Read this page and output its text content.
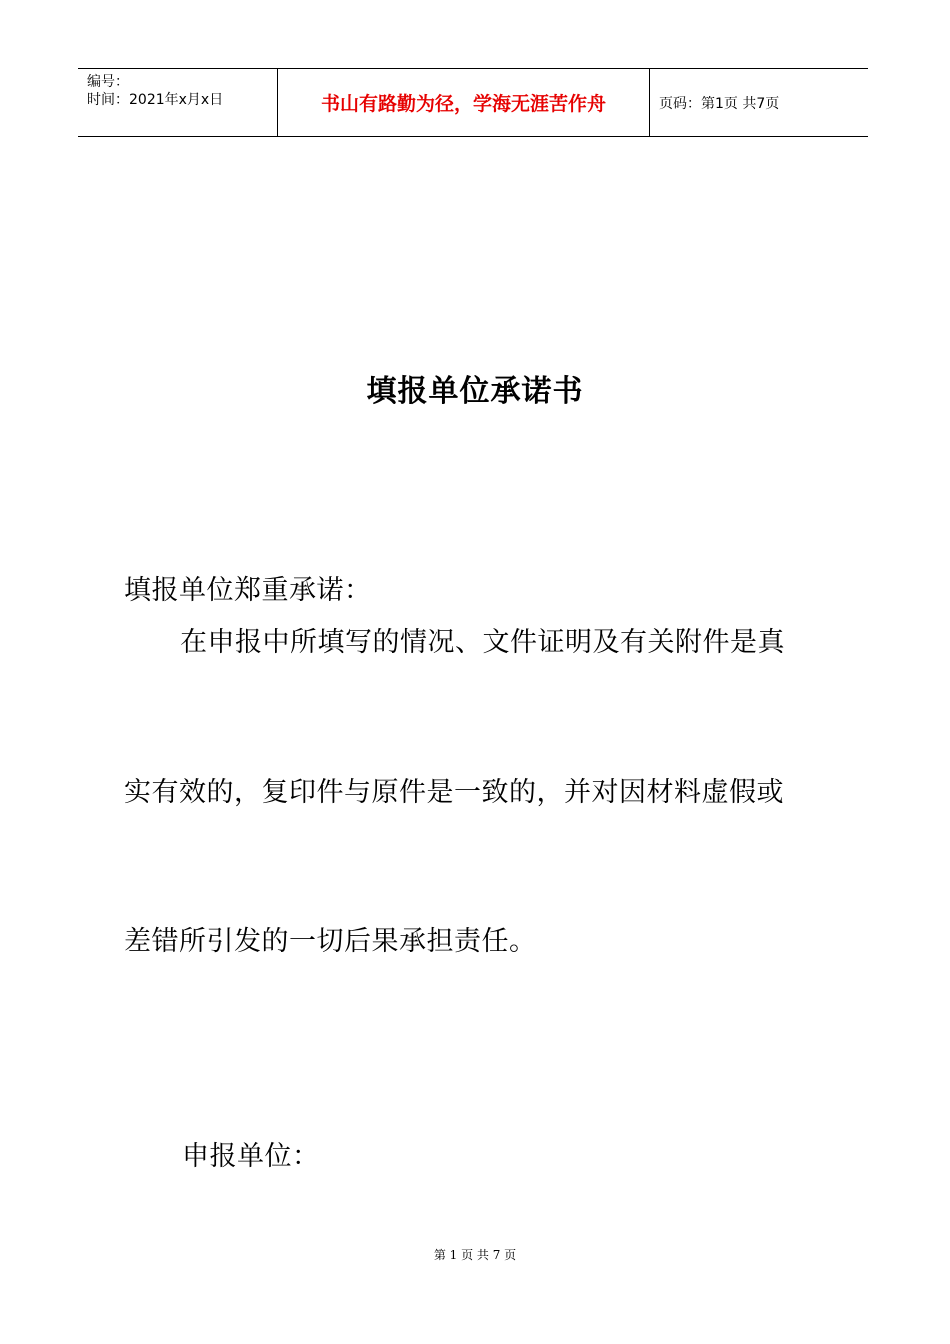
编号：
时间：2021年x月x日	书山有路勤为径，学海无涯苦作舟	页码：第1页 共7页
填报单位承诺书
填报单位郑重承诺：
在申报中所填写的情况、文件证明及有关附件是真
实有效的，复印件与原件是一致的，并对因材料虚假或
差错所引发的一切后果承担责任。
申报单位：
第 1 页 共 7 页
